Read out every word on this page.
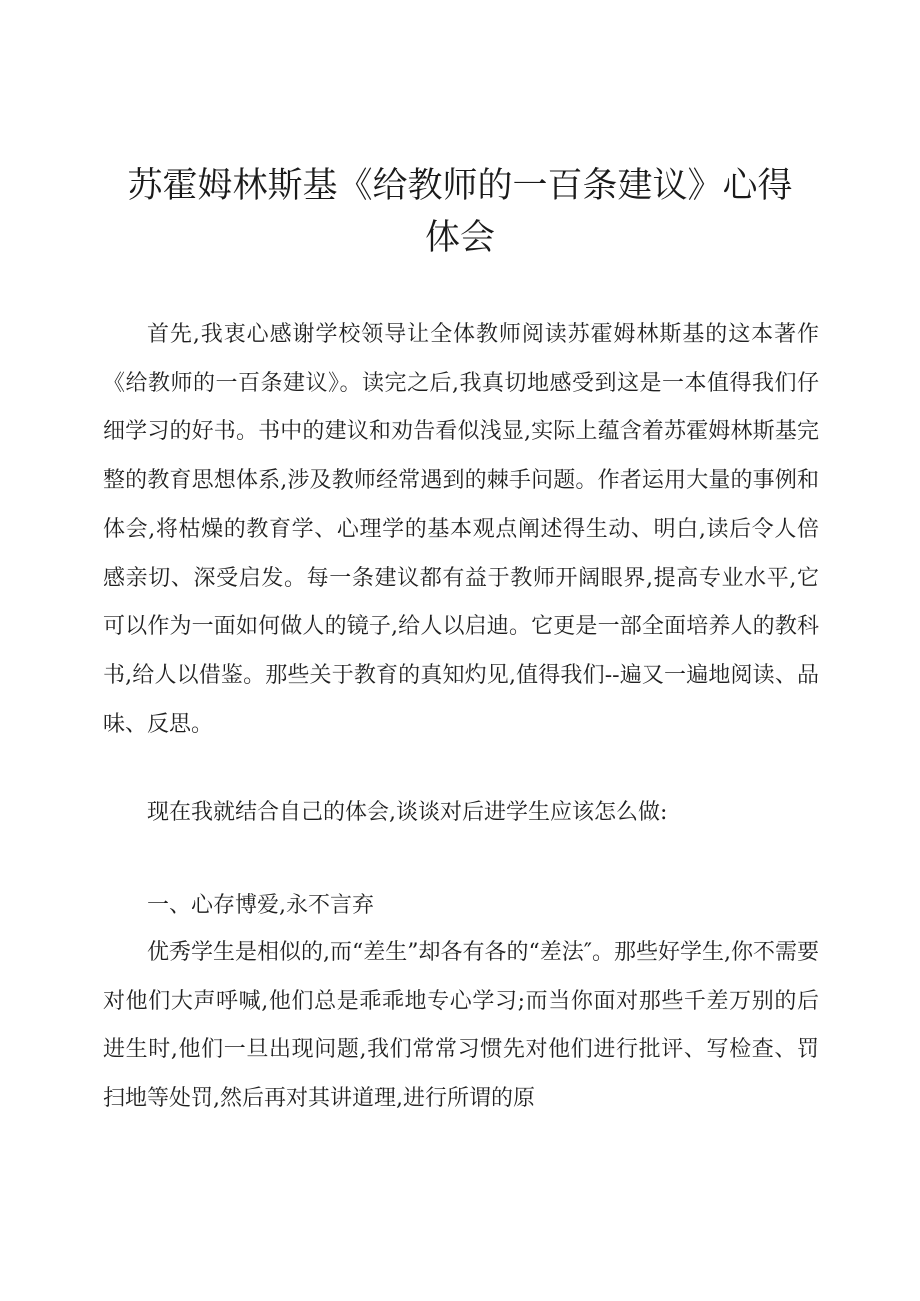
苏霍姆林斯基《给教师的一百条建议》心得
体会

首先,我衷心感谢学校领导让全体教师阅读苏霍姆林斯基的这本著作《给教师的一百条建议》。读完之后,我真切地感受到这是一本值得我们仔细学习的好书。书中的建议和劝告看似浅显,实际上蕴含着苏霍姆林斯基完整的教育思想体系,涉及教师经常遇到的棘手问题。作者运用大量的事例和体会,将枯燥的教育学、心理学的基本观点阐述得生动、明白,读后令人倍感亲切、深受启发。每一条建议都有益于教师开阔眼界,提高专业水平,它可以作为一面如何做人的镜子,给人以启迪。它更是一部全面培养人的教科书,给人以借鉴。那些关于教育的真知灼见,值得我们--遍又一遍地阅读、品味、反思。

现在我就结合自己的体会,谈谈对后进学生应该怎么做:

一、心存博爱,永不言弃

优秀学生是相似的,而“差生”却各有各的“差法″。那些好学生,你不需要对他们大声呼喊,他们总是乖乖地专心学习;而当你面对那些千差万别的后进生时,他们一旦出现问题,我们常常习惯先对他们进行批评、写检查、罚扫地等处罚,然后再对其讲道理,进行所谓的原
